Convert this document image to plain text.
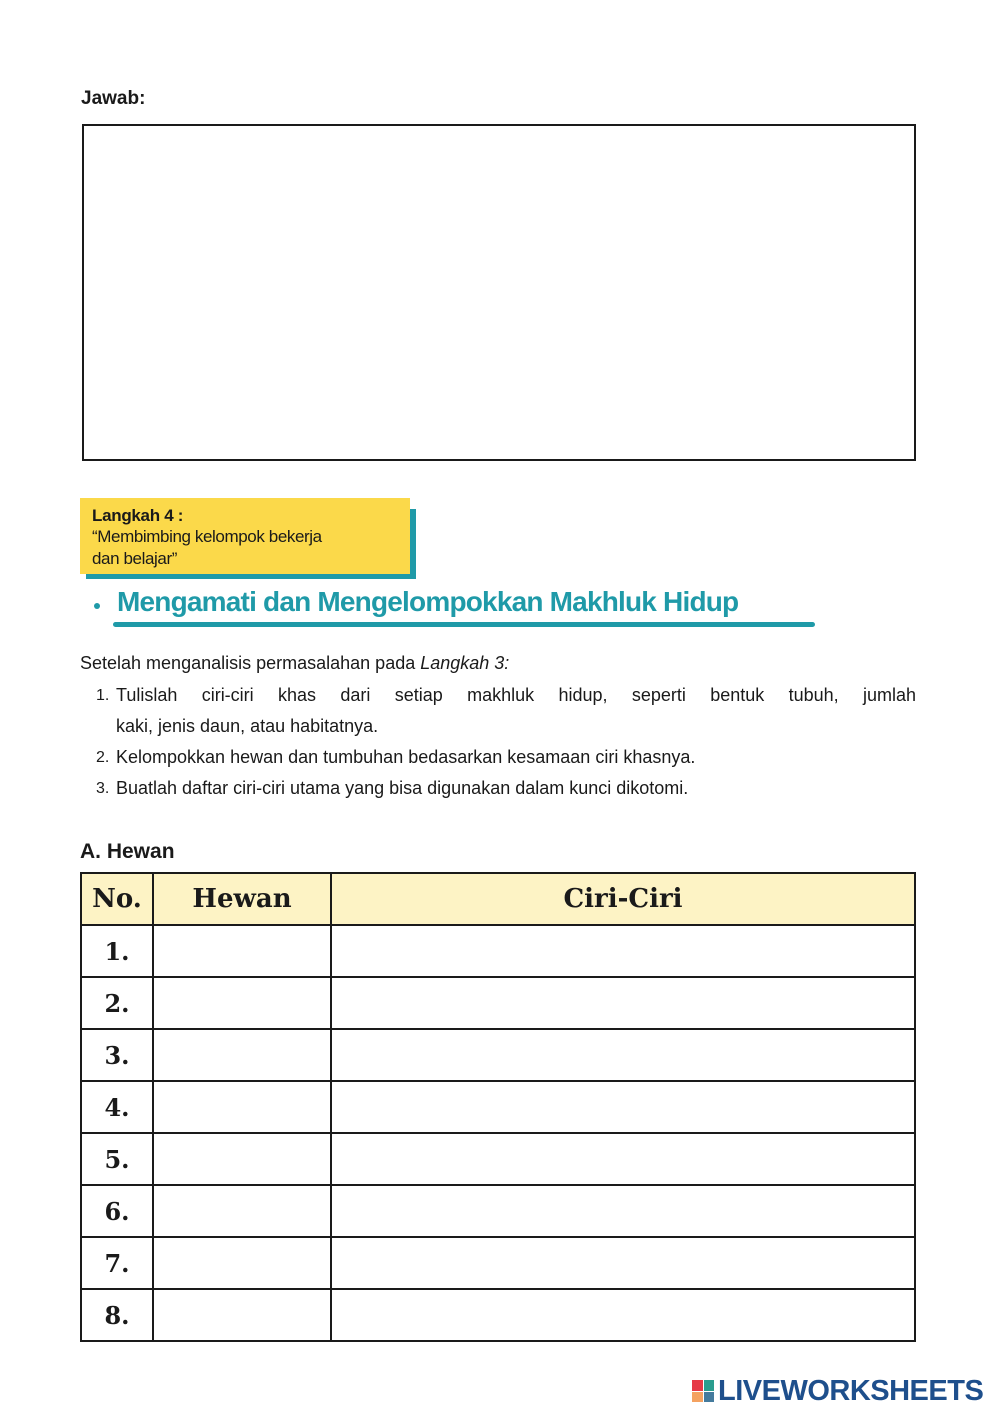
Jawab:
Langkah 4 :
“Membimbing kelompok bekerja
dan belajar”
Mengamati dan Mengelompokkan Makhluk Hidup
Setelah menganalisis permasalahan pada Langkah 3:
1. Tulislah ciri-ciri khas dari setiap makhluk hidup, seperti bentuk tubuh, jumlah
kaki, jenis daun, atau habitatnya.
2. Kelompokkan hewan dan tumbuhan bedasarkan kesamaan ciri khasnya.
3. Buatlah daftar ciri-ciri utama yang bisa digunakan dalam kunci dikotomi.
A. Hewan
No.	Hewan	Ciri-Ciri
1.		
2.		
3.		
4.		
5.		
6.		
7.		
8.		
LIVEWORKSHEETS
